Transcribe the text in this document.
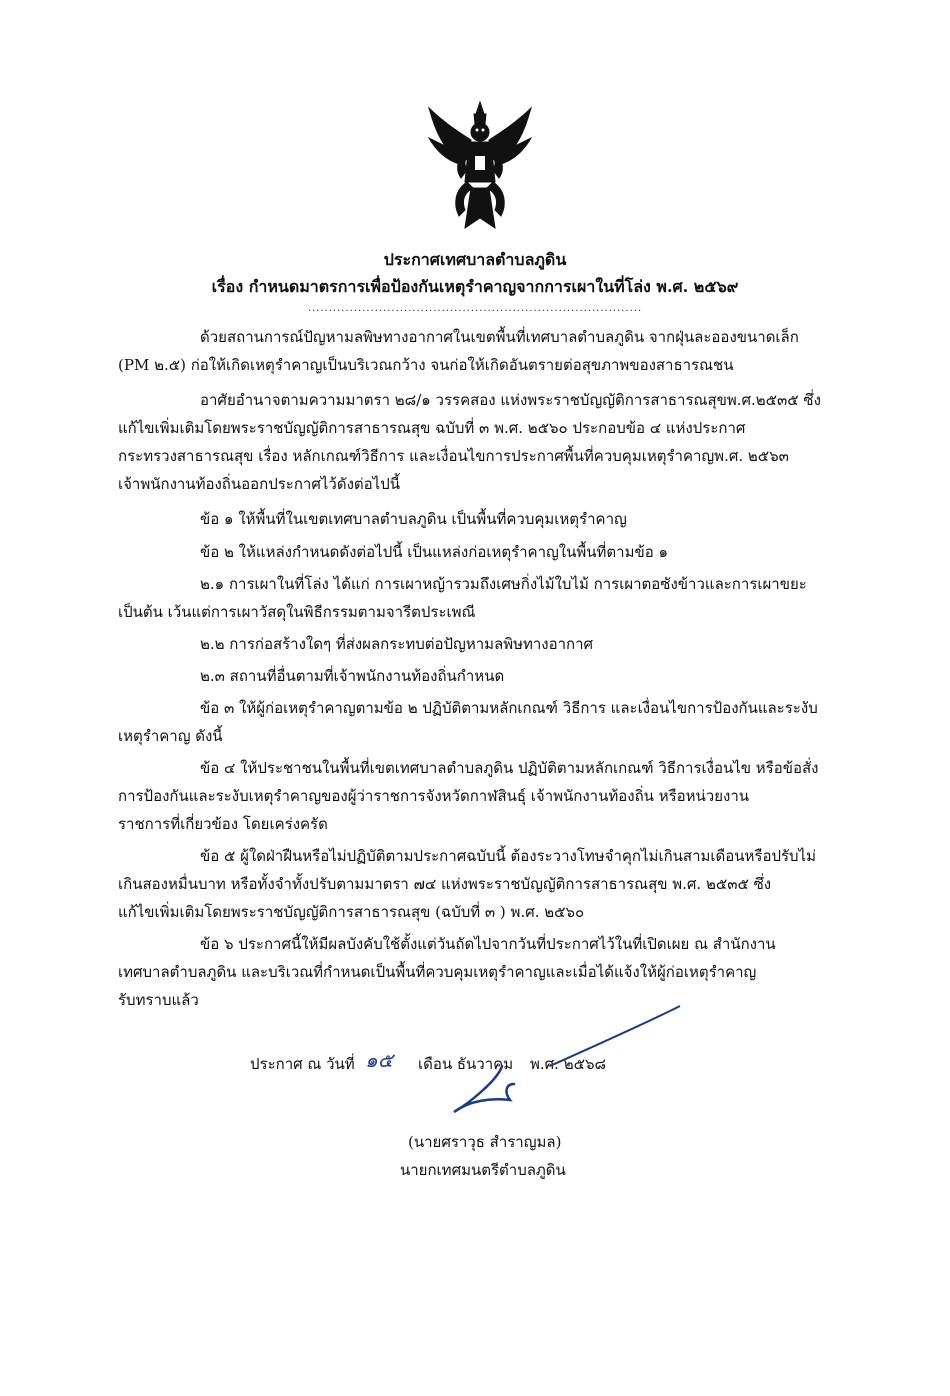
ประกาศเทศบาลตำบลภูดิน
เรื่อง กำหนดมาตรการเพื่อป้องกันเหตุรำคาญจากการเผาในที่โล่ง พ.ศ. ๒๕๖๙
................................................................................
ด้วยสถานการณ์ปัญหามลพิษทางอากาศในเขตพื้นที่เทศบาลตำบลภูดิน จากฝุ่นละอองขนาดเล็ก
(PM ๒.๕) ก่อให้เกิดเหตุรำคาญเป็นบริเวณกว้าง จนก่อให้เกิดอันตรายต่อสุขภาพของสาธารณชน
อาศัยอำนาจตามความมาตรา ๒๘/๑ วรรคสอง แห่งพระราชบัญญัติการสาธารณสุขพ.ศ.๒๕๓๕ ซึ่ง
แก้ไขเพิ่มเติมโดยพระราชบัญญัติการสาธารณสุข ฉบับที่ ๓ พ.ศ. ๒๕๖๐ ประกอบข้อ ๔ แห่งประกาศ
กระทรวงสาธารณสุข เรื่อง หลักเกณฑ์วิธีการ และเงื่อนไขการประกาศพื้นที่ควบคุมเหตุรำคาญพ.ศ. ๒๕๖๓
เจ้าพนักงานท้องถิ่นออกประกาศไว้ดังต่อไปนี้
ข้อ ๑ ให้พื้นที่ในเขตเทศบาลตำบลภูดิน เป็นพื้นที่ควบคุมเหตุรำคาญ
ข้อ ๒ ให้แหล่งกำหนดดังต่อไปนี้ เป็นแหล่งก่อเหตุรำคาญในพื้นที่ตามข้อ ๑
๒.๑ การเผาในที่โล่ง ได้แก่ การเผาหญ้ารวมถึงเศษกิ่งไม้ใบไม้ การเผาตอซังข้าวและการเผาขยะ
เป็นต้น เว้นแต่การเผาวัสดุในพิธีกรรมตามจารีตประเพณี
๒.๒ การก่อสร้างใดๆ ที่ส่งผลกระทบต่อปัญหามลพิษทางอากาศ
๒.๓ สถานที่อื่นตามที่เจ้าพนักงานท้องถิ่นกำหนด
ข้อ ๓ ให้ผู้ก่อเหตุรำคาญตามข้อ ๒ ปฏิบัติตามหลักเกณฑ์ วิธีการ และเงื่อนไขการป้องกันและระงับ
เหตุรำคาญ ดังนี้
ข้อ ๔ ให้ประชาชนในพื้นที่เขตเทศบาลตำบลภูดิน ปฏิบัติตามหลักเกณฑ์ วิธีการเงื่อนไข หรือข้อสั่ง
การป้องกันและระงับเหตุรำคาญของผู้ว่าราชการจังหวัดกาฬสินธุ์ เจ้าพนักงานท้องถิ่น หรือหน่วยงาน
ราชการที่เกี่ยวข้อง โดยเคร่งครัด
ข้อ ๕ ผู้ใดฝ่าฝืนหรือไม่ปฏิบัติตามประกาศฉบับนี้ ต้องระวางโทษจำคุกไม่เกินสามเดือนหรือปรับไม่
เกินสองหมื่นบาท หรือทั้งจำทั้งปรับตามมาตรา ๗๔ แห่งพระราชบัญญัติการสาธารณสุข พ.ศ. ๒๕๓๕ ซึ่ง
แก้ไขเพิ่มเติมโดยพระราชบัญญัติการสาธารณสุข (ฉบับที่ ๓ ) พ.ศ. ๒๕๖๐
ข้อ ๖ ประกาศนี้ให้มีผลบังคับใช้ตั้งแต่วันถัดไปจากวันที่ประกาศไว้ในที่เปิดเผย ณ สำนักงาน
เทศบาลตำบลภูดิน และบริเวณที่กำหนดเป็นพื้นที่ควบคุมเหตุรำคาญและเมื่อได้แจ้งให้ผู้ก่อเหตุรำคาญ
รับทราบแล้ว
ประกาศ ณ วันที่ ๑๕ เดือน ธันวาคม พ.ศ. ๒๕๖๘
(นายศราวุธ สำราญมล)
นายกเทศมนตรีตำบลภูดิน
